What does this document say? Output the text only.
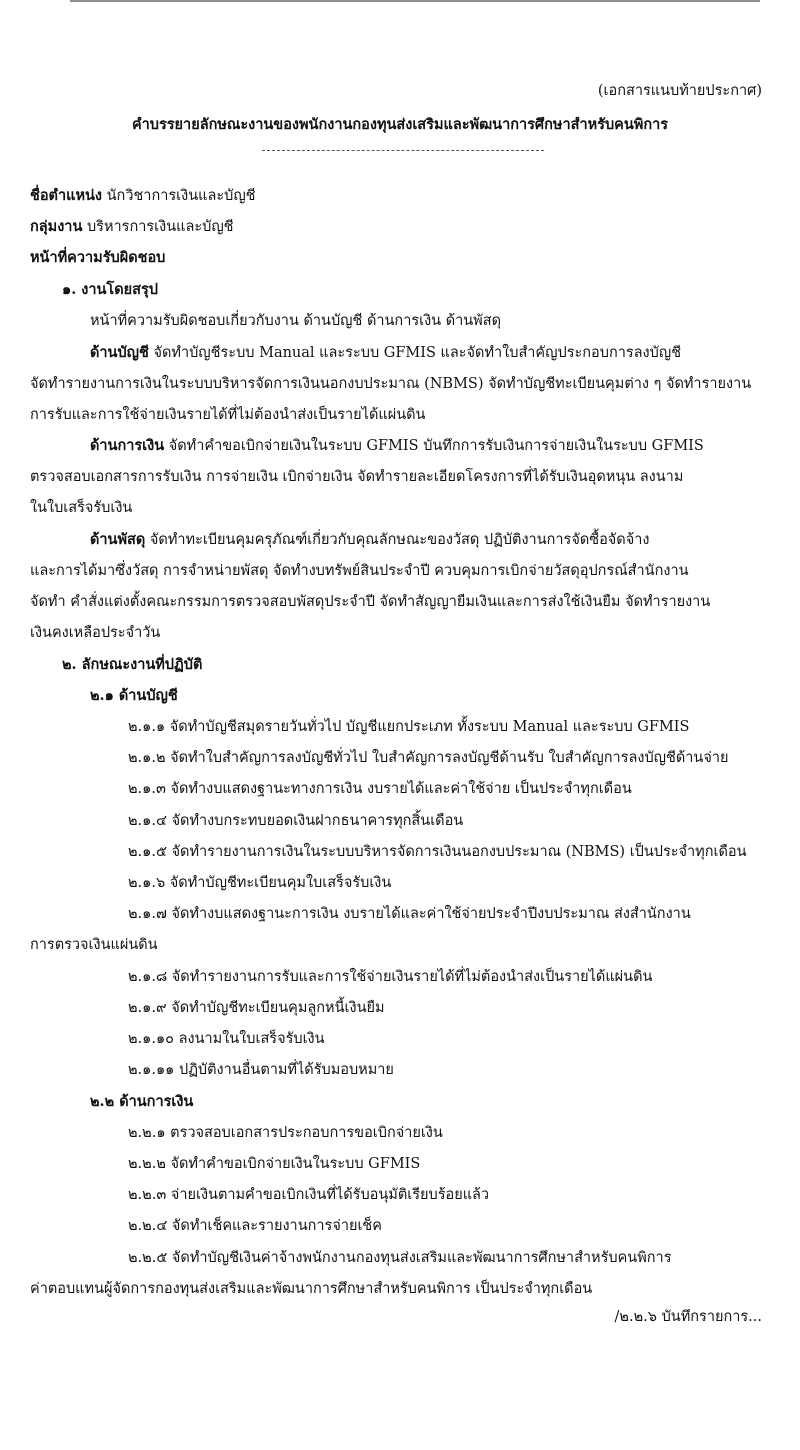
(เอกสารแนบท้ายประกาศ)
คำบรรยายลักษณะงานของพนักงานกองทุนส่งเสริมและพัฒนาการศึกษาสำหรับคนพิการ
ชื่อตำแหน่ง นักวิชาการเงินและบัญชี
กลุ่มงาน บริหารการเงินและบัญชี
หน้าที่ความรับผิดชอบ
๑. งานโดยสรุป
หน้าที่ความรับผิดชอบเกี่ยวกับงาน ด้านบัญชี ด้านการเงิน ด้านพัสดุ
ด้านบัญชี จัดทำบัญชีระบบ Manual และระบบ GFMIS และจัดทำใบสำคัญประกอบการลงบัญชี
จัดทำรายงานการเงินในระบบบริหารจัดการเงินนอกงบประมาณ (NBMS) จัดทำบัญชีทะเบียนคุมต่าง ๆ จัดทำรายงาน
การรับและการใช้จ่ายเงินรายได้ที่ไม่ต้องนำส่งเป็นรายได้แผ่นดิน
ด้านการเงิน จัดทำคำขอเบิกจ่ายเงินในระบบ GFMIS บันทึกการรับเงินการจ่ายเงินในระบบ GFMIS
ตรวจสอบเอกสารการรับเงิน การจ่ายเงิน เบิกจ่ายเงิน จัดทำรายละเอียดโครงการที่ได้รับเงินอุดหนุน ลงนาม
ในใบเสร็จรับเงิน
ด้านพัสดุ จัดทำทะเบียนคุมครุภัณฑ์เกี่ยวกับคุณลักษณะของวัสดุ ปฏิบัติงานการจัดซื้อจัดจ้าง
และการได้มาซึ่งวัสดุ การจำหน่ายพัสดุ จัดทำงบทรัพย์สินประจำปี ควบคุมการเบิกจ่ายวัสดุอุปกรณ์สำนักงาน
จัดทำ คำสั่งแต่งตั้งคณะกรรมการตรวจสอบพัสดุประจำปี จัดทำสัญญายืมเงินและการส่งใช้เงินยืม จัดทำรายงาน
เงินคงเหลือประจำวัน
๒. ลักษณะงานที่ปฏิบัติ
๒.๑ ด้านบัญชี
๒.๑.๑ จัดทำบัญชีสมุดรายวันทั่วไป บัญชีแยกประเภท ทั้งระบบ Manual และระบบ GFMIS
๒.๑.๒ จัดทำใบสำคัญการลงบัญชีทั่วไป ใบสำคัญการลงบัญชีด้านรับ ใบสำคัญการลงบัญชีด้านจ่าย
๒.๑.๓ จัดทำงบแสดงฐานะทางการเงิน งบรายได้และค่าใช้จ่าย เป็นประจำทุกเดือน
๒.๑.๔ จัดทำงบกระทบยอดเงินฝากธนาคารทุกสิ้นเดือน
๒.๑.๕ จัดทำรายงานการเงินในระบบบริหารจัดการเงินนอกงบประมาณ (NBMS) เป็นประจำทุกเดือน
๒.๑.๖ จัดทำบัญชีทะเบียนคุมใบเสร็จรับเงิน
๒.๑.๗ จัดทำงบแสดงฐานะการเงิน งบรายได้และค่าใช้จ่ายประจำปีงบประมาณ ส่งสำนักงาน
การตรวจเงินแผ่นดิน
๒.๑.๘ จัดทำรายงานการรับและการใช้จ่ายเงินรายได้ที่ไม่ต้องนำส่งเป็นรายได้แผ่นดิน
๒.๑.๙ จัดทำบัญชีทะเบียนคุมลูกหนี้เงินยืม
๒.๑.๑๐ ลงนามในใบเสร็จรับเงิน
๒.๑.๑๑ ปฏิบัติงานอื่นตามที่ได้รับมอบหมาย
๒.๒ ด้านการเงิน
๒.๒.๑ ตรวจสอบเอกสารประกอบการขอเบิกจ่ายเงิน
๒.๒.๒ จัดทำคำขอเบิกจ่ายเงินในระบบ GFMIS
๒.๒.๓ จ่ายเงินตามคำขอเบิกเงินที่ได้รับอนุมัติเรียบร้อยแล้ว
๒.๒.๔ จัดทำเช็คและรายงานการจ่ายเช็ค
๒.๒.๕ จัดทำบัญชีเงินค่าจ้างพนักงานกองทุนส่งเสริมและพัฒนาการศึกษาสำหรับคนพิการ
ค่าตอบแทนผู้จัดการกองทุนส่งเสริมและพัฒนาการศึกษาสำหรับคนพิการ เป็นประจำทุกเดือน
/๒.๒.๖ บันทึกรายการ...
